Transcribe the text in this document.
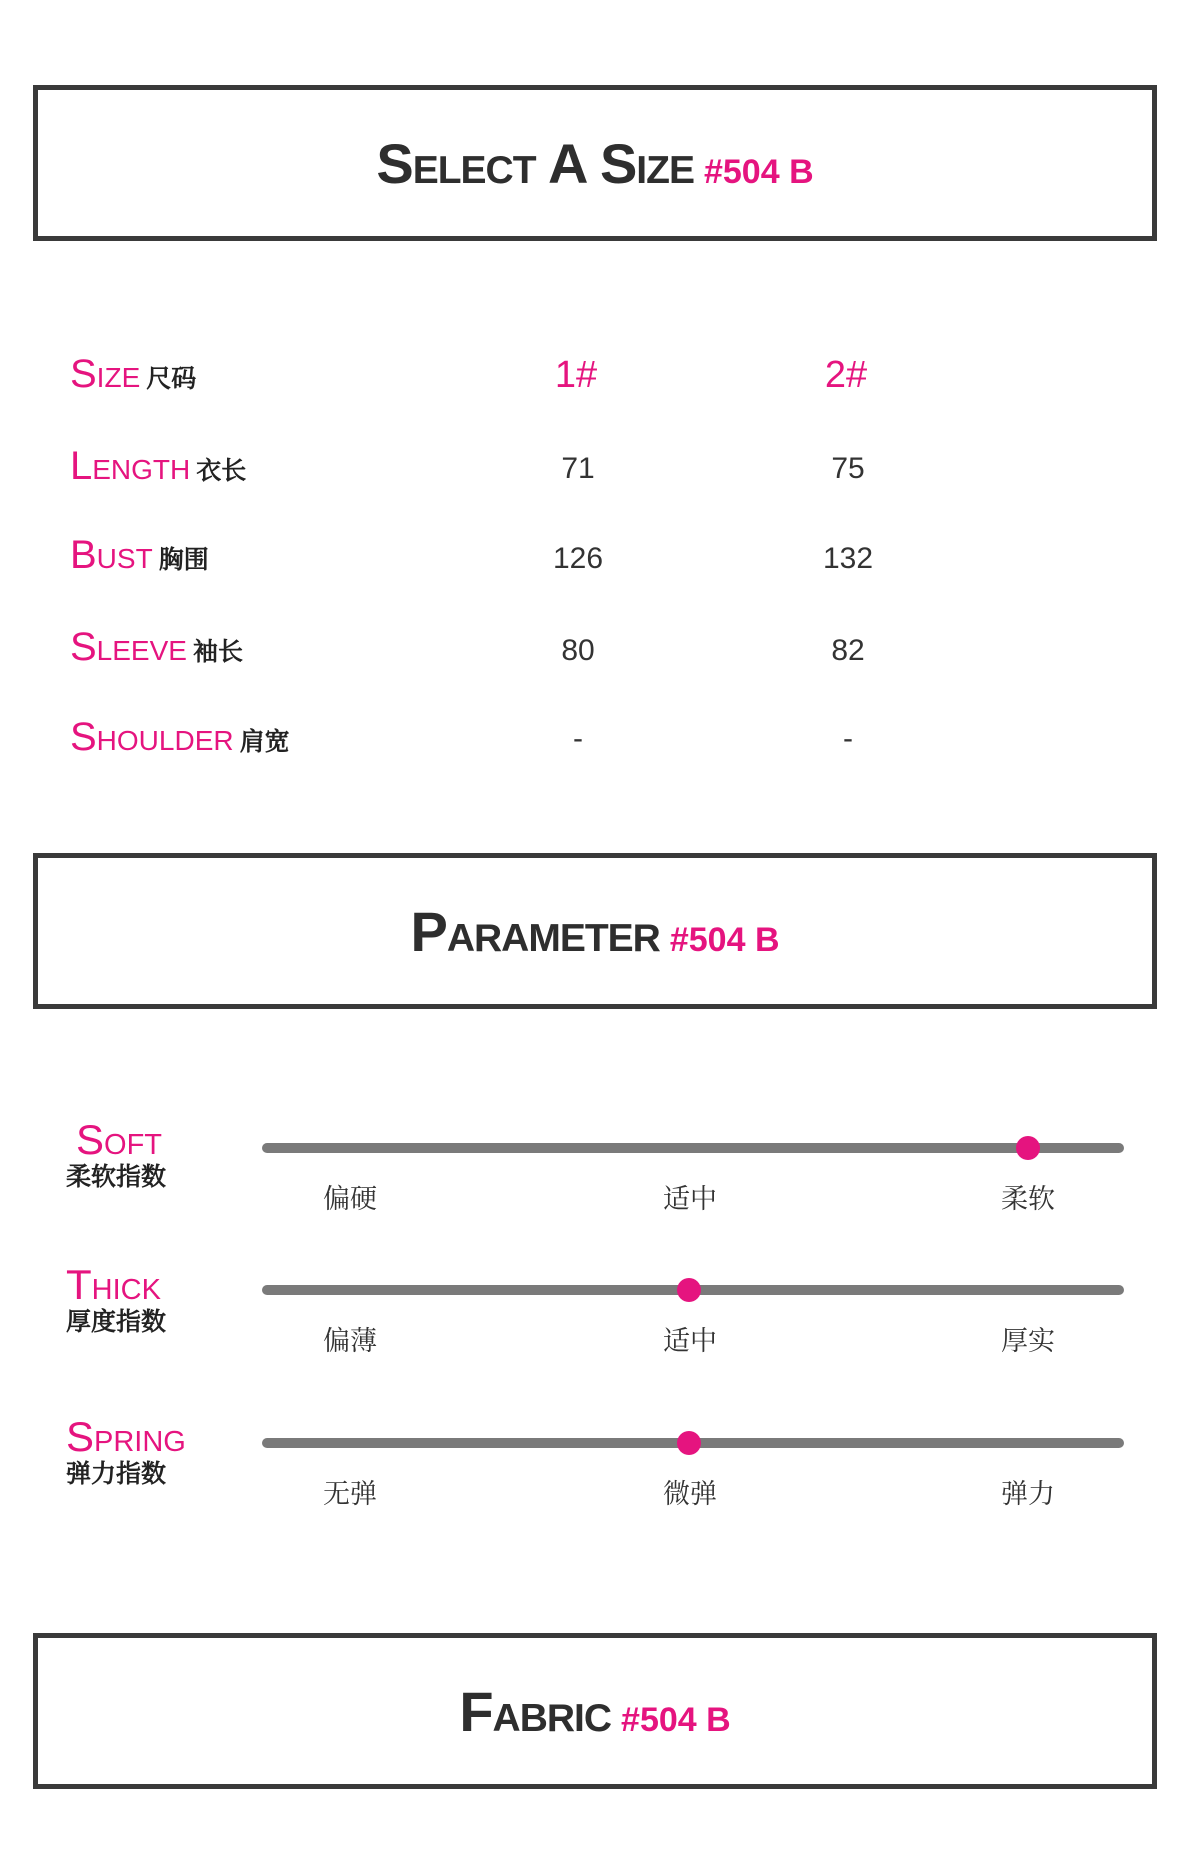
Select A Size #504 B
Size 尺码	1#	2#
Length 衣长	71	75
Bust 胸围	126	132
Sleeve 袖长	80	82
Shoulder 肩宽	-	-
Parameter #504 B
Soft
柔软指数
偏硬	适中	柔软
Thick
厚度指数
偏薄	适中	厚实
Spring
弹力指数
无弹	微弹	弹力
Fabric #504 B
